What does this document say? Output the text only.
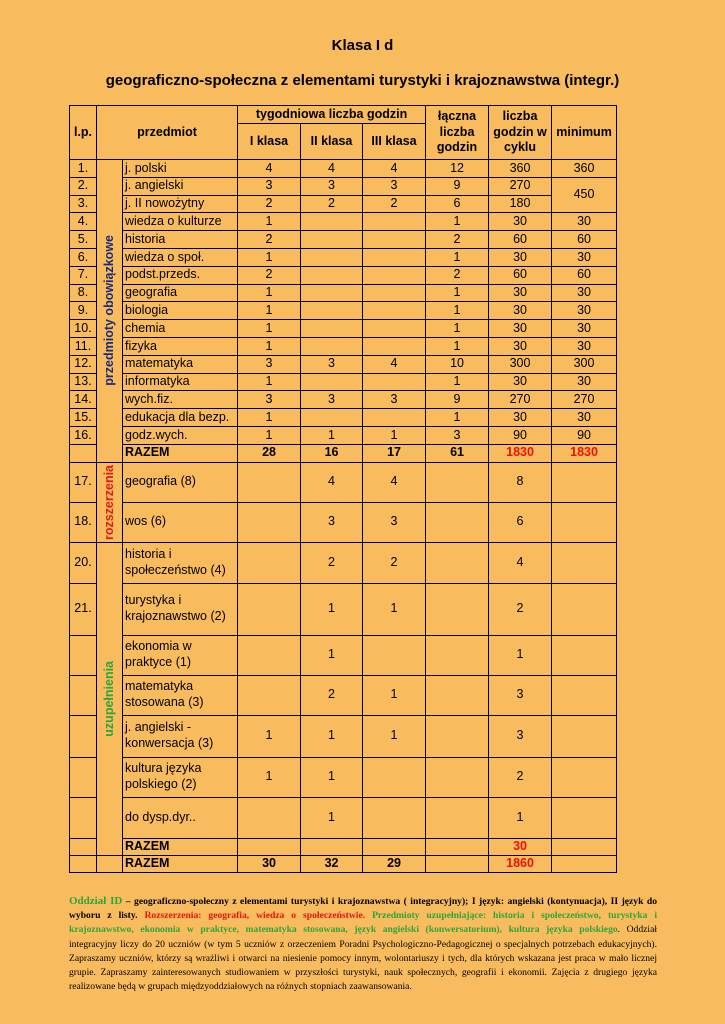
Klasa I d
geograficzno-społeczna z elementami turystyki i krajoznawstwa (integr.)
l.p.	przedmiot		tygodniowa liczba godzin			łączna liczba godzin	liczba godzin w cyklu	minimum
			I klasa	II klasa	III klasa			
1.	przedmioty obowiązkowe	j. polski	4	4	4	12	360	360
2.		j. angielski	3	3	3	9	270	450
3.		j. II nowożytny	2	2	2	6	180	
4.		wiedza o kulturze	1			1	30	30
5.		historia	2			2	60	60
6.		wiedza o społ.	1			1	30	30
7.		podst.przeds.	2			2	60	60
8.		geografia	1			1	30	30
9.		biologia	1			1	30	30
10.		chemia	1			1	30	30
11.		fizyka	1			1	30	30
12.		matematyka	3	3	4	10	300	300
13.		informatyka	1			1	30	30
14.		wych.fiz.	3	3	3	9	270	270
15.		edukacja dla bezp.	1			1	30	30
16.		godz.wych.	1	1	1	3	90	90
		RAZEM	28	16	17	61	1830	1830
17.	rozszerzenia	geografia (8)		4	4		8	
18.		wos (6)		3	3		6	
20.	uzupełnienia	historia i społeczeństwo (4)		2	2		4	
21.		turystyka i krajoznawstwo (2)		1	1		2	
		ekonomia w praktyce (1)		1			1	
		matematyka stosowana (3)		2	1		3	
		j. angielski - konwersacja (3)	1	1	1		3	
		kultura języka polskiego (2)	1	1			2	
		do dysp.dyr..		1			1	
		RAZEM					30	
		RAZEM	30	32	29		1860	
Oddział ID – geograficzno-społeczny z elementami turystyki i krajoznawstwa ( integracyjny); I język: angielski (kontynuacja), II język do wyboru z listy. Rozszerzenia: geografia, wiedza o społeczeństwie. Przedmioty uzupełniające: historia i społeczeństwo, turystyka i krajoznawstwo, ekonomia w praktyce, matematyka stosowana, język angielski (konwersatorium), kultura języka polskiego. Oddział integracyjny liczy do 20 uczniów (w tym 5 uczniów z orzeczeniem Poradni Psychologiczno-Pedagogicznej o specjalnych potrzebach edukacyjnych). Zapraszamy uczniów, którzy są wrażliwi i otwarci na niesienie pomocy innym, wolontariuszy i tych, dla których wskazana jest praca w mało licznej grupie. Zapraszamy zainteresowanych studiowaniem w przyszłości turystyki, nauk społecznych, geografii i ekonomii. Zajęcia z drugiego języka realizowane będą w grupach międzyoddziałowych na różnych stopniach zaawansowania.
